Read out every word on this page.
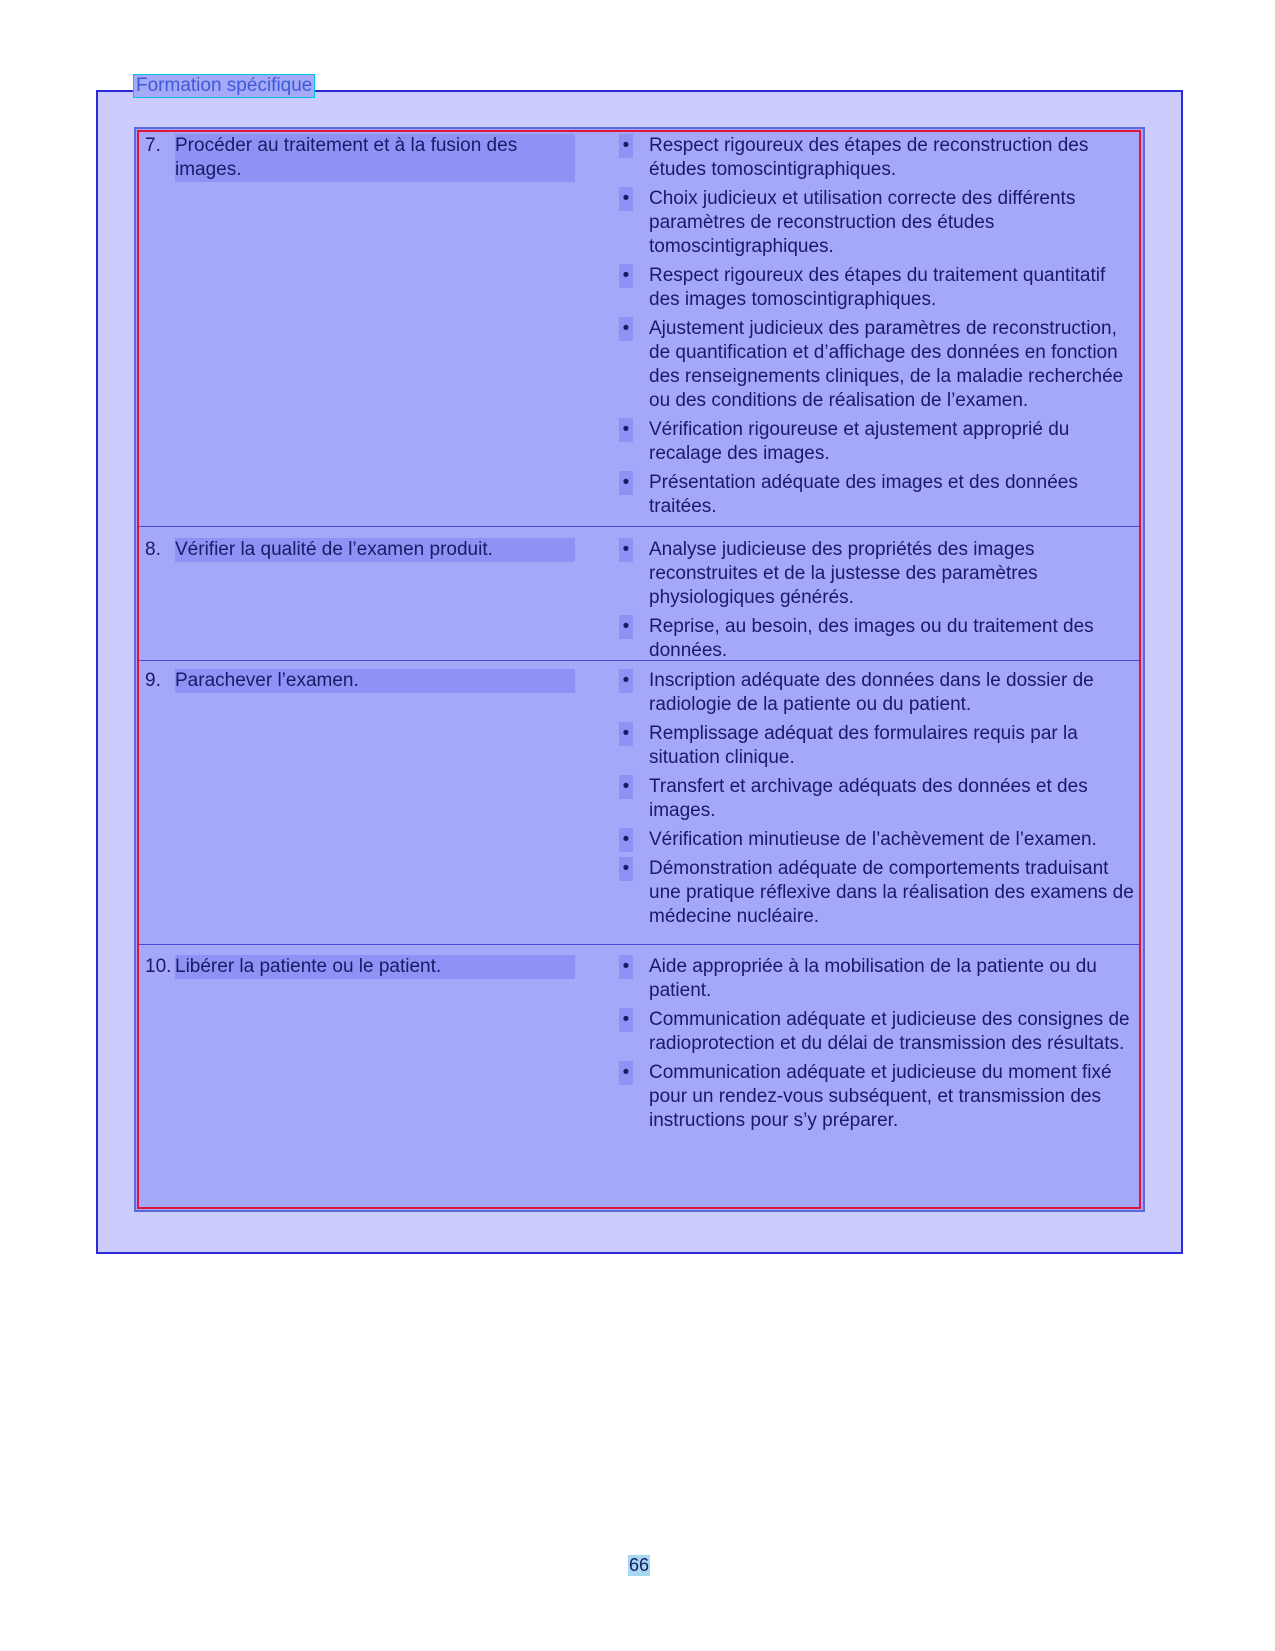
Formation spécifique
7. Procéder au traitement et à la fusion des images.
• Respect rigoureux des étapes de reconstruction des études tomoscintigraphiques.
• Choix judicieux et utilisation correcte des différents paramètres de reconstruction des études tomoscintigraphiques.
• Respect rigoureux des étapes du traitement quantitatif des images tomoscintigraphiques.
• Ajustement judicieux des paramètres de reconstruction, de quantification et d’affichage des données en fonction des renseignements cliniques, de la maladie recherchée ou des conditions de réalisation de l’examen.
• Vérification rigoureuse et ajustement approprié du recalage des images.
• Présentation adéquate des images et des données traitées.
8. Vérifier la qualité de l’examen produit.	• Analyse judicieuse des propriétés des images reconstruites et de la justesse des paramètres physiologiques générés.
• Reprise, au besoin, des images ou du traitement des données.
9. Parachever l’examen.	• Inscription adéquate des données dans le dossier de radiologie de la patiente ou du patient.
• Remplissage adéquat des formulaires requis par la situation clinique.
• Transfert et archivage adéquats des données et des images.
• Vérification minutieuse de l’achèvement de l’examen.
• Démonstration adéquate de comportements traduisant une pratique réflexive dans la réalisation des examens de médecine nucléaire.
10. Libérer la patiente ou le patient.	• Aide appropriée à la mobilisation de la patiente ou du patient.
• Communication adéquate et judicieuse des consignes de radioprotection et du délai de transmission des résultats.
• Communication adéquate et judicieuse du moment fixé pour un rendez-vous subséquent, et transmission des instructions pour s’y préparer.
66
